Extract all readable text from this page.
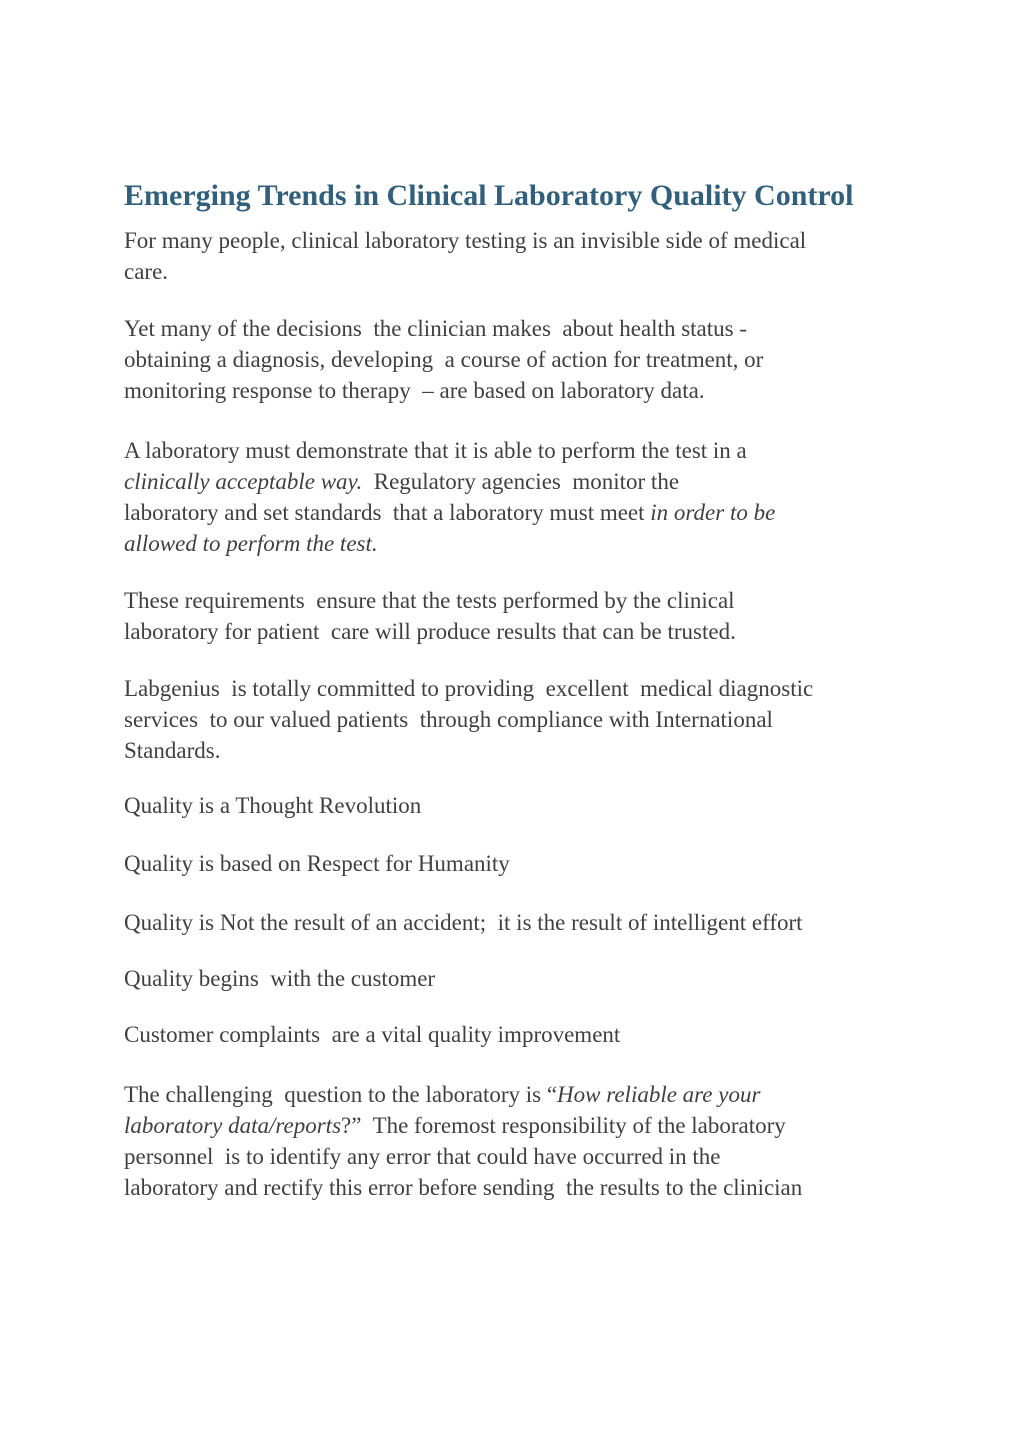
Emerging Trends in Clinical Laboratory Quality Control

For many people, clinical laboratory testing is an invisible side of medical
care.

Yet many of the decisions  the clinician makes  about health status -
obtaining a diagnosis, developing  a course of action for treatment, or
monitoring response to therapy  – are based on laboratory data.

A laboratory must demonstrate that it is able to perform the test in a
clinically acceptable way.  Regulatory agencies  monitor the
laboratory and set standards  that a laboratory must meet in order to be
allowed to perform the test.

These requirements  ensure that the tests performed by the clinical
laboratory for patient  care will produce results that can be trusted.

Labgenius  is totally committed to providing  excellent  medical diagnostic
services  to our valued patients  through compliance with International
Standards.

Quality is a Thought Revolution

Quality is based on Respect for Humanity

Quality is Not the result of an accident;  it is the result of intelligent effort

Quality begins  with the customer

Customer complaints  are a vital quality improvement

The challenging  question to the laboratory is “How reliable are your
laboratory data/reports?”  The foremost responsibility of the laboratory
personnel  is to identify any error that could have occurred in the
laboratory and rectify this error before sending  the results to the clinician
